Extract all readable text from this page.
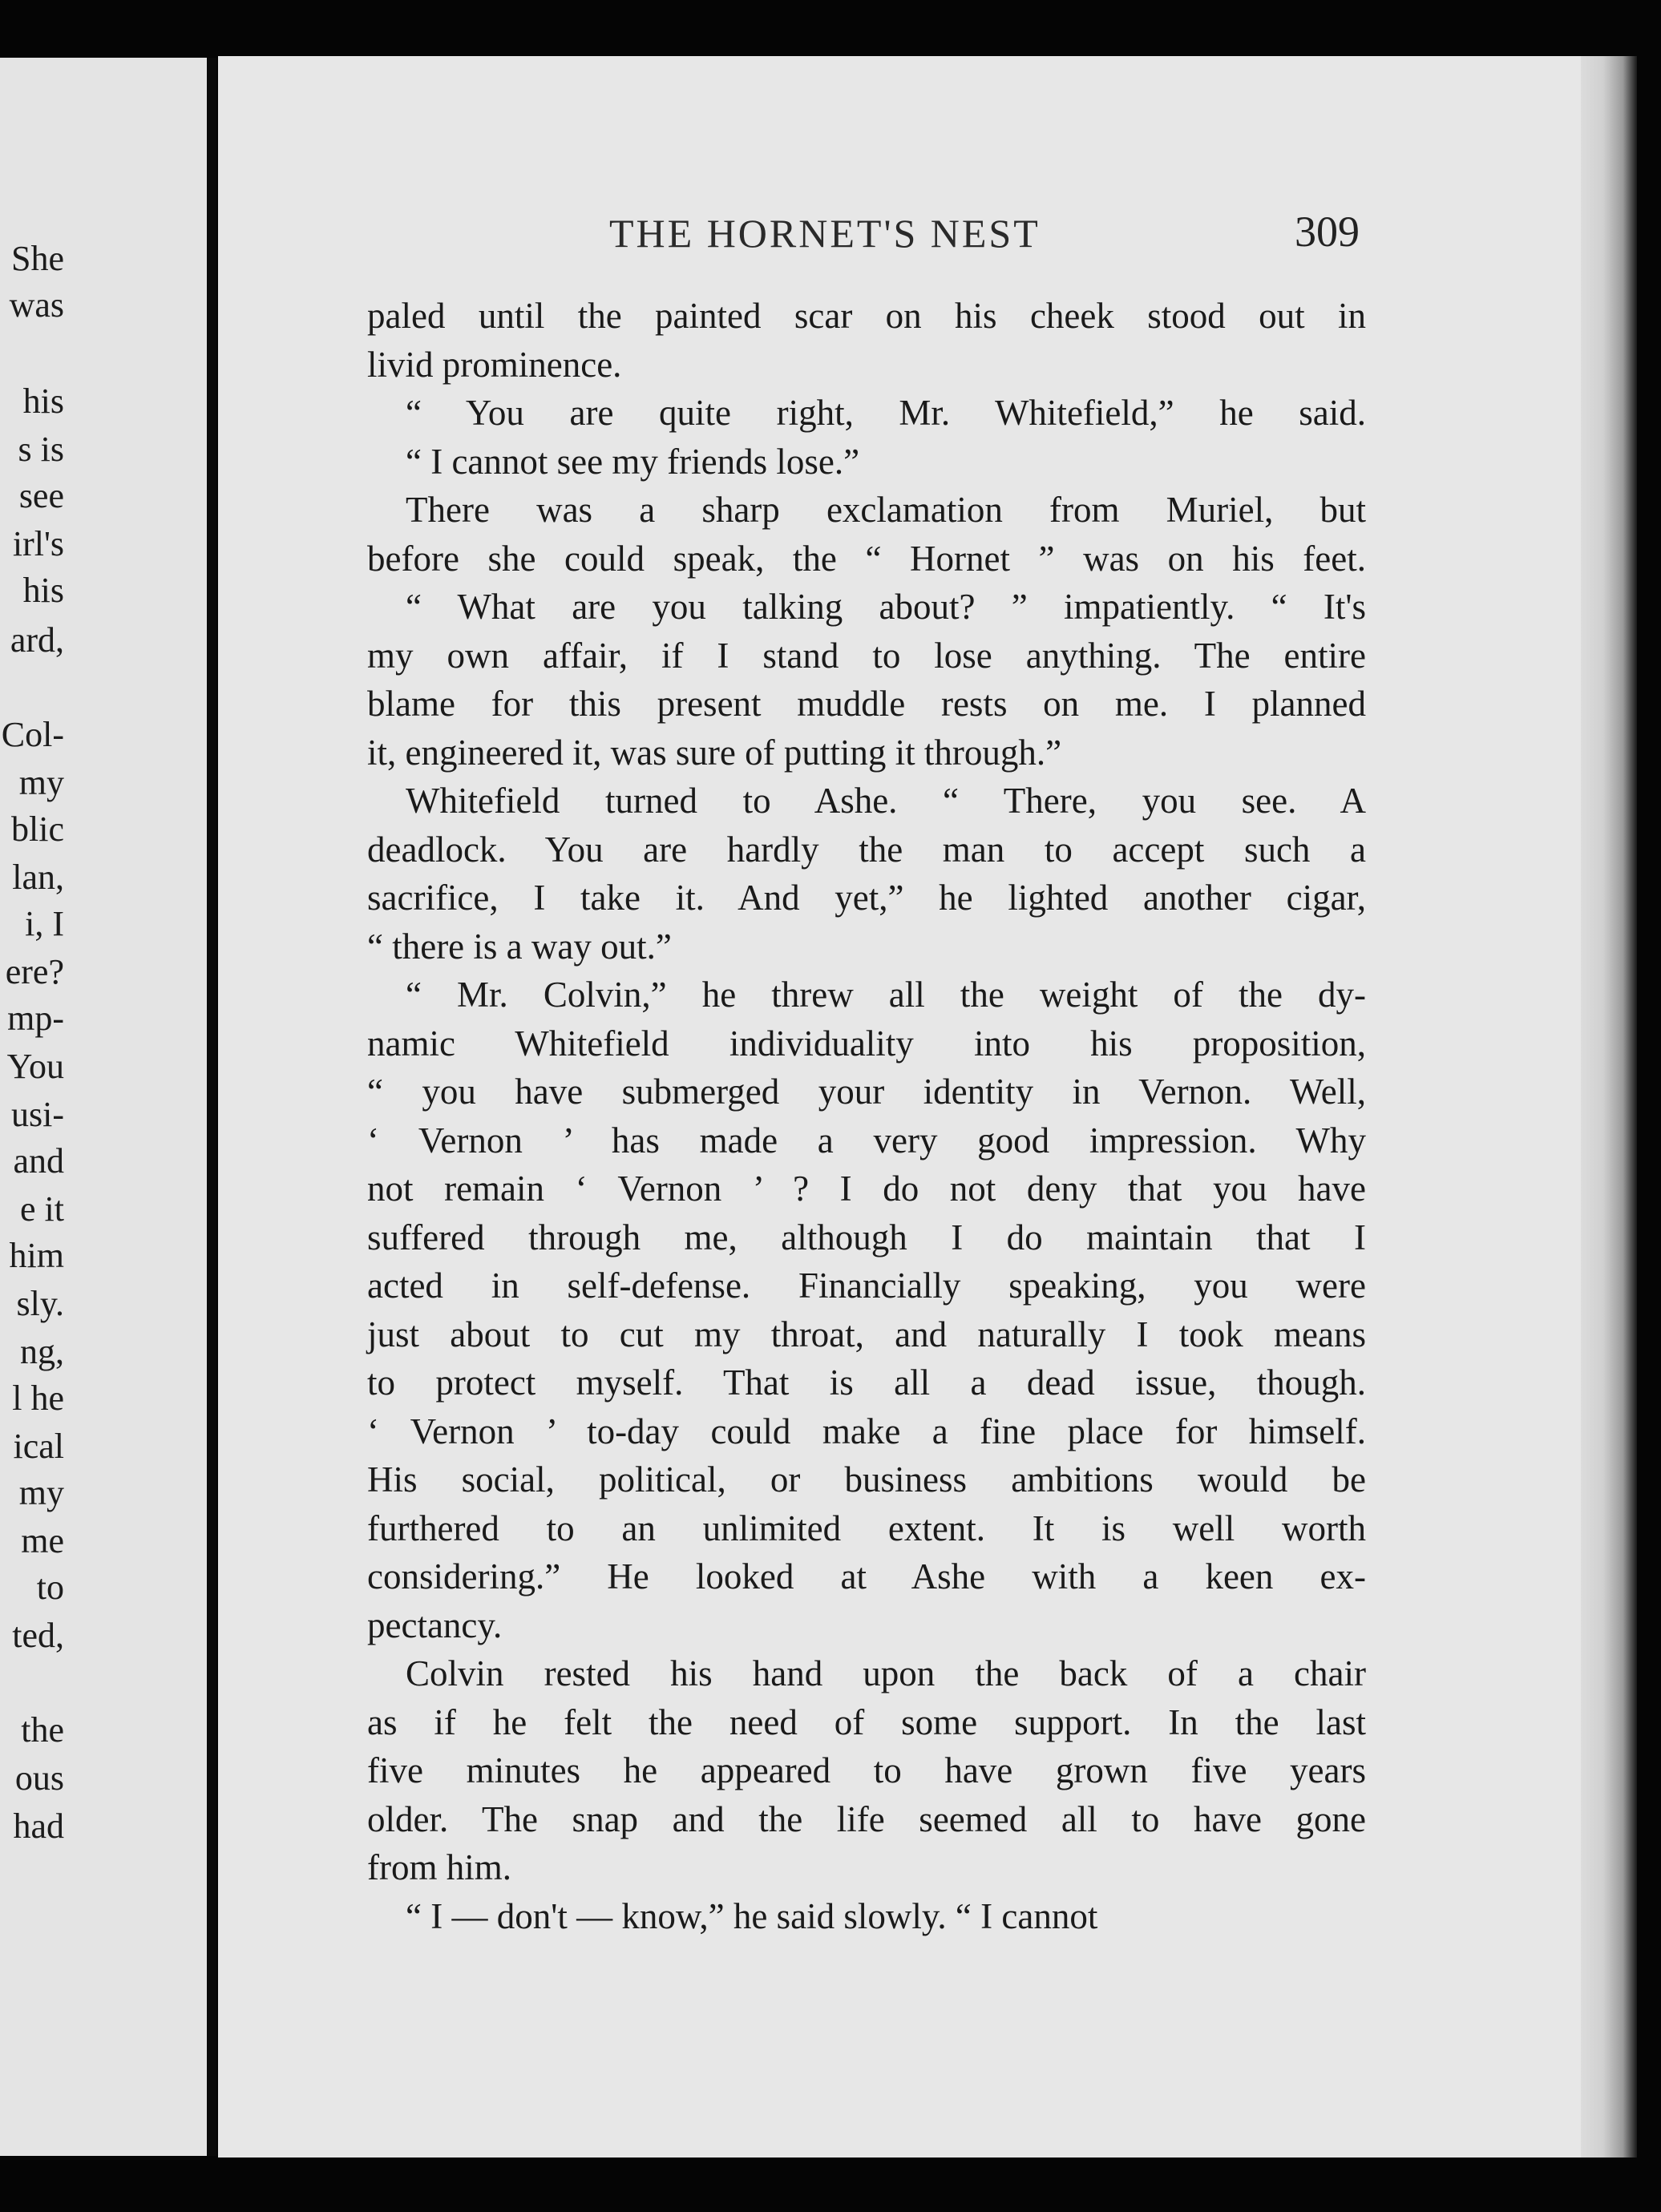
She
was
his
s is
see
irl's
his
ard,
Col-
my
blic
lan,
i, I
ere?
mp-
You
usi-
and
e it
him
sly.
ng,
l he
ical
my
me
to
ted,
the
ous
had
THE HORNET'S NEST	309
paled until the painted scar on his cheek stood out in
livid prominence.
“ You are quite right, Mr. Whitefield,” he said.
“ I cannot see my friends lose.”
There was a sharp exclamation from Muriel, but
before she could speak, the “ Hornet ” was on his feet.
“ What are you talking about? ” impatiently. “ It's
my own affair, if I stand to lose anything. The entire
blame for this present muddle rests on me. I planned
it, engineered it, was sure of putting it through.”
Whitefield turned to Ashe. “ There, you see. A
deadlock. You are hardly the man to accept such a
sacrifice, I take it. And yet,” he lighted another cigar,
“ there is a way out.”
“ Mr. Colvin,” he threw all the weight of the dy-
namic Whitefield individuality into his proposition,
“ you have submerged your identity in Vernon. Well,
‘ Vernon ’ has made a very good impression. Why
not remain ‘ Vernon ’ ? I do not deny that you have
suffered through me, although I do maintain that I
acted in self-defense. Financially speaking, you were
just about to cut my throat, and naturally I took means
to protect myself. That is all a dead issue, though.
‘ Vernon ’ to-day could make a fine place for himself.
His social, political, or business ambitions would be
furthered to an unlimited extent. It is well worth
considering.” He looked at Ashe with a keen ex-
pectancy.
Colvin rested his hand upon the back of a chair
as if he felt the need of some support. In the last
five minutes he appeared to have grown five years
older. The snap and the life seemed all to have gone
from him.
“ I — don't — know,” he said slowly. “ I cannot
